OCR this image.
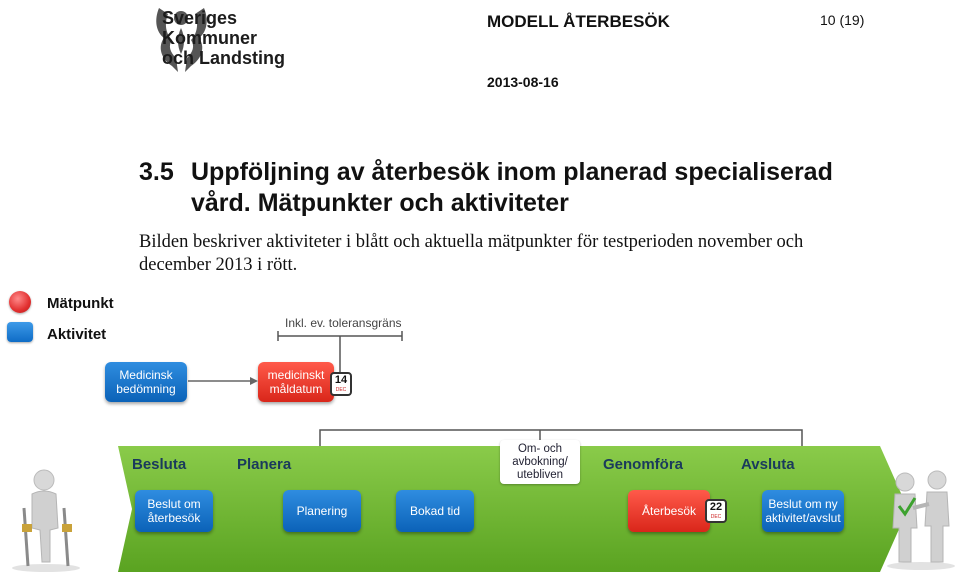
Sveriges
Kommuner
och Landsting
MODELL ÅTERBESÖK	10 (19)
2013-08-16
3.5 Uppföljning av återbesök inom planerad specialiserad
vård. Mätpunkter och aktiviteter
Bilden beskriver aktiviteter i blått och aktuella mätpunkter för testperioden november och december 2013 i rött.
Mätpunkt
Aktivitet
Medicinsk bedömning
medicinskt måldatum
14
DEC
Inkl. ev. toleransgräns
Besluta	Planera
Om- och avbokning/ utebliven
Genomföra	Avsluta
Beslut om återbesök	Planering	Bokad tid	Återbesök	22
DEC
Beslut om ny aktivitet/avslut
